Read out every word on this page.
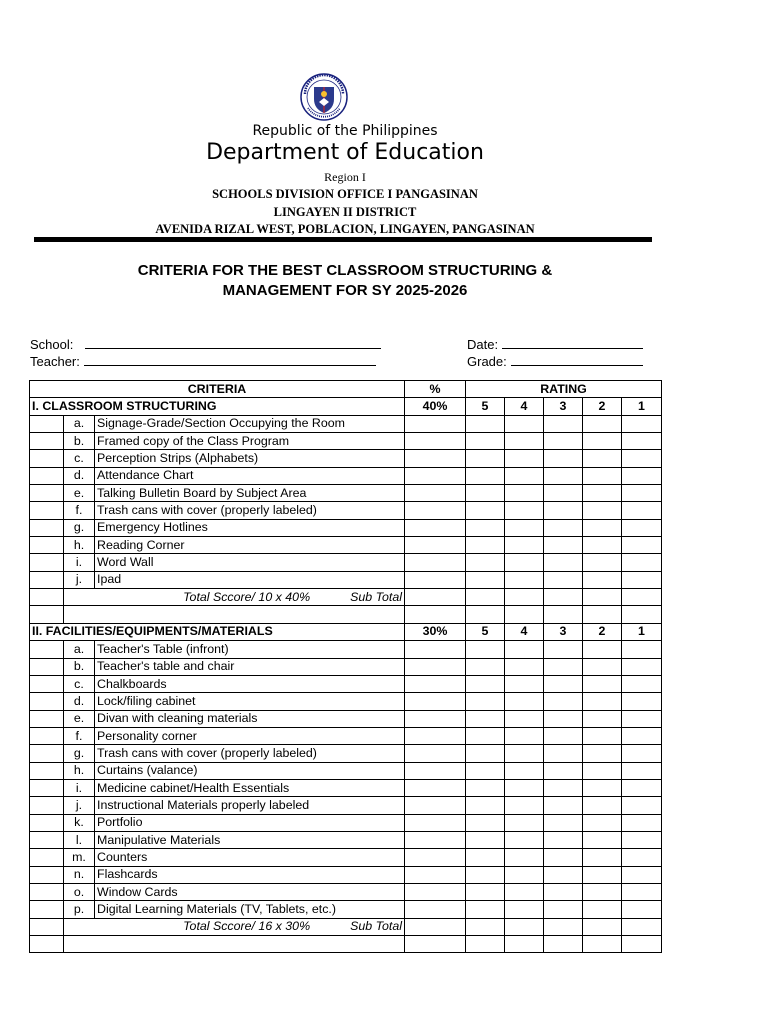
Republic of the Philippines
Department of Education
Region I
SCHOOLS DIVISION OFFICE I PANGASINAN
LINGAYEN II DISTRICT
AVENIDA RIZAL WEST, POBLACION, LINGAYEN, PANGASINAN
CRITERIA FOR THE BEST CLASSROOM STRUCTURING &
MANAGEMENT FOR SY 2025-2026
School:
Teacher:
Date:
Grade:
CRITERIA			%	RATING				
I. CLASSROOM STRUCTURING			40%	5	4	3	2	1
	a.	Signage-Grade/Section Occupying the Room						
	b.	Framed copy of the Class Program						
	c.	Perception Strips (Alphabets)						
	d.	Attendance Chart						
	e.	Talking Bulletin Board by Subject Area						
	f.	Trash cans with cover (properly labeled)						
	g.	Emergency Hotlines						
	h.	Reading Corner						
	i.	Word Wall						
	j.	Ipad						
	Total Sccore/ 10 x 40% Sub Total							

II. FACILITIES/EQUIPMENTS/MATERIALS			30%	5	4	3	2	1
	a.	Teacher's Table (infront)						
	b.	Teacher's table and chair						
	c.	Chalkboards						
	d.	Lock/filing cabinet						
	e.	Divan with cleaning materials						
	f.	Personality corner						
	g.	Trash cans with cover (properly labeled)						
	h.	Curtains (valance)						
	i.	Medicine cabinet/Health Essentials						
	j.	Instructional Materials properly labeled						
	k.	Portfolio						
	l.	Manipulative Materials						
	m.	Counters						
	n.	Flashcards						
	o.	Window Cards						
	p.	Digital Learning Materials (TV, Tablets, etc.)						
	Total Sccore/ 16 x 30% Sub Total							
